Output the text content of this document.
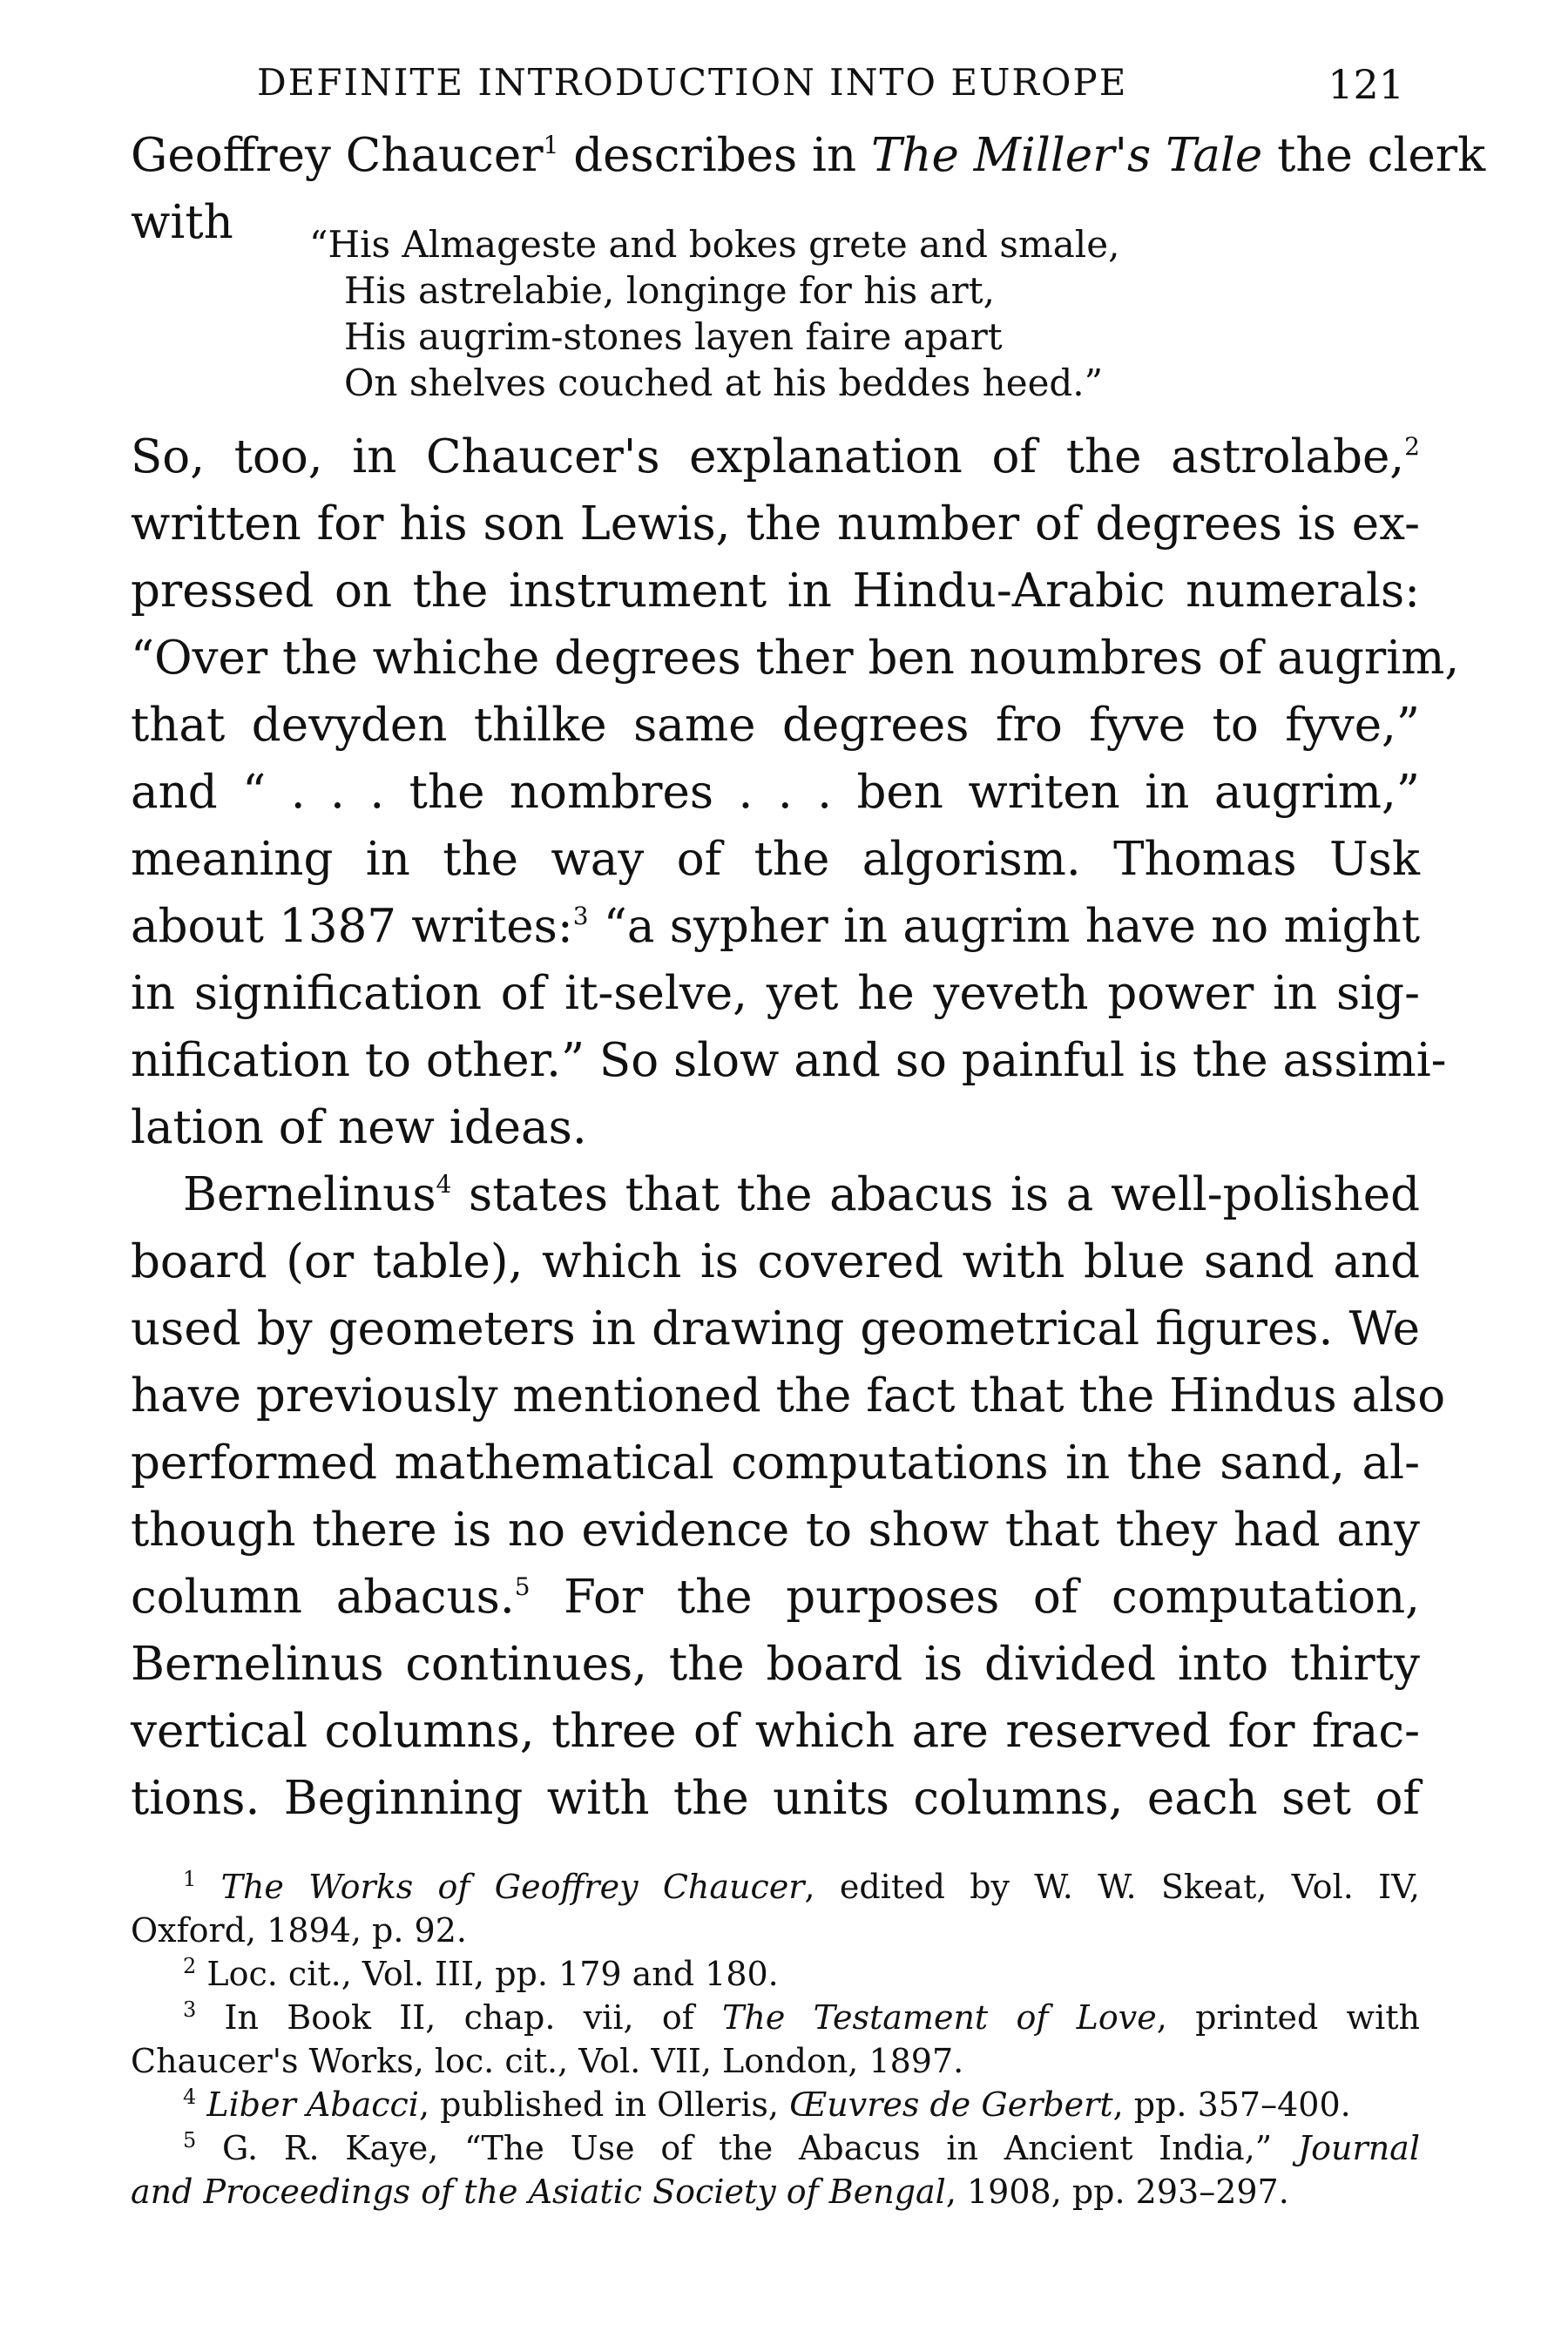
DEFINITE INTRODUCTION INTO EUROPE	121
Geoffrey Chaucer$^1$ describes in The Miller's Tale the clerk
with	“His Almageste and bokes grete and smale,
His astrelabie, longinge for his art,
His augrim-stones layen faire apart
On shelves couched at his beddes heed.”
So, too, in Chaucer's explanation of the astrolabe,$^2$
written for his son Lewis, the number of degrees is ex-
pressed on the instrument in Hindu-Arabic numerals:
“Over the whiche degrees ther ben noumbres of augrim,
that devyden thilke same degrees fro fyve to fyve,”
and “ . . . the nombres . . . ben writen in augrim,”
meaning in the way of the algorism. Thomas Usk
about 1387 writes:$^3$ “a sypher in augrim have no might
in signification of it-selve, yet he yeveth power in sig-
nification to other.” So slow and so painful is the assimi-
lation of new ideas.
Bernelinus$^4$ states that the abacus is a well-polished
board (or table), which is covered with blue sand and
used by geometers in drawing geometrical figures. We
have previously mentioned the fact that the Hindus also
performed mathematical computations in the sand, al-
though there is no evidence to show that they had any
column abacus.$^5$ For the purposes of computation,
Bernelinus continues, the board is divided into thirty
vertical columns, three of which are reserved for frac-
tions. Beginning with the units columns, each set of
$^1$ The Works of Geoffrey Chaucer, edited by W. W. Skeat, Vol. IV,
Oxford, 1894, p. 92.
$^2$ Loc. cit., Vol. III, pp. 179 and 180.
$^3$ In Book II, chap. vii, of The Testament of Love, printed with
Chaucer's Works, loc. cit., Vol. VII, London, 1897.
$^4$ Liber Abacci, published in Olleris, Œuvres de Gerbert, pp. 357–400.
$^5$ G. R. Kaye, “The Use of the Abacus in Ancient India,” Journal
and Proceedings of the Asiatic Society of Bengal, 1908, pp. 293–297.
